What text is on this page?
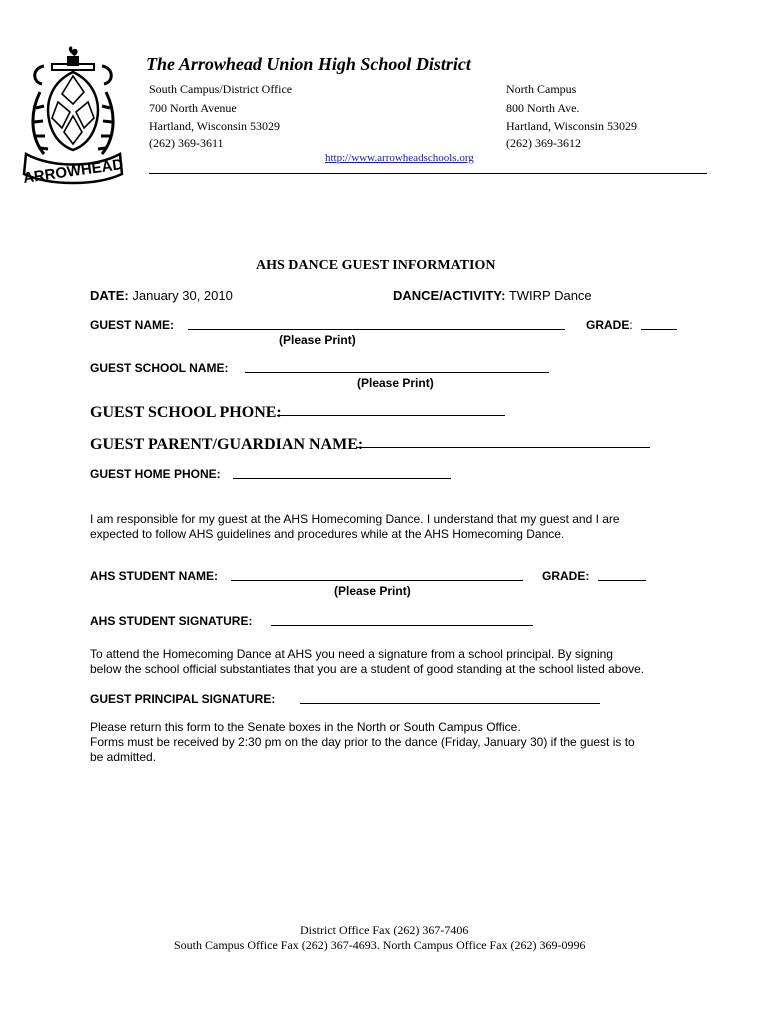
ARROWHEAD
The Arrowhead Union High School District
South Campus/District Office
700 North Avenue
Hartland, Wisconsin 53029
(262) 369-3611
North Campus
800 North Ave.
Hartland, Wisconsin 53029
(262) 369-3612
http://www.arrowheadschools.org
AHS DANCE GUEST INFORMATION
DATE: January 30, 2010	DANCE/ACTIVITY: TWIRP Dance
GUEST NAME:	GRADE:
(Please Print)
GUEST SCHOOL NAME:
(Please Print)
GUEST SCHOOL PHONE:
GUEST PARENT/GUARDIAN NAME:
GUEST HOME PHONE:
I am responsible for my guest at the AHS Homecoming Dance. I understand that my guest and I are
expected to follow AHS guidelines and procedures while at the AHS Homecoming Dance.
AHS STUDENT NAME:	GRADE:
(Please Print)
AHS STUDENT SIGNATURE:
To attend the Homecoming Dance at AHS you need a signature from a school principal. By signing
below the school official substantiates that you are a student of good standing at the school listed above.
GUEST PRINCIPAL SIGNATURE:
Please return this form to the Senate boxes in the North or South Campus Office.
Forms must be received by 2:30 pm on the day prior to the dance (Friday, January 30) if the guest is to
be admitted.
District Office Fax (262) 367-7406
South Campus Office Fax (262) 367-4693. North Campus Office Fax (262) 369-0996
